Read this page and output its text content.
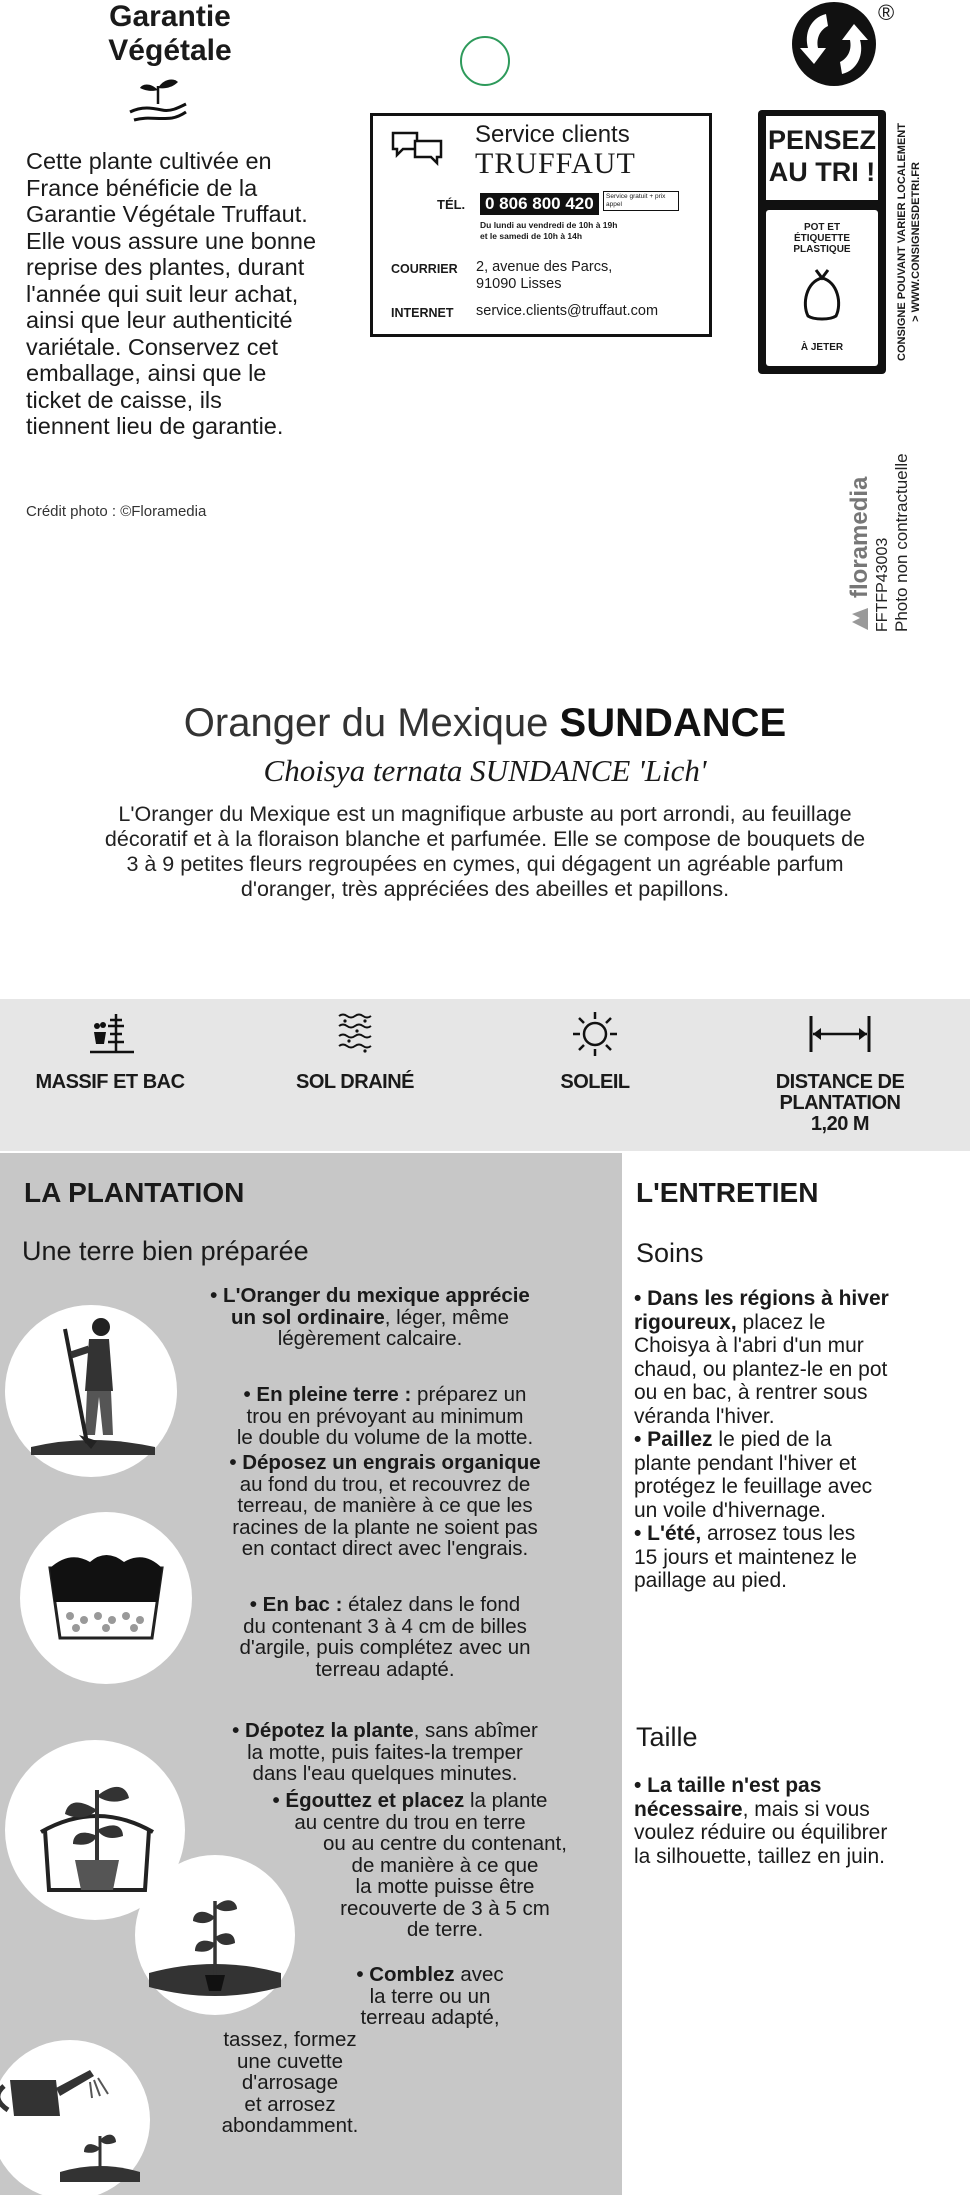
Garantie
Végétale
Cette plante cultivée en
France bénéficie de la
Garantie Végétale Truffaut.
Elle vous assure une bonne
reprise des plantes, durant
l'année qui suit leur achat,
ainsi que leur authenticité
variétale. Conservez cet
emballage, ainsi que le
ticket de caisse, ils
tiennent lieu de garantie.
Crédit photo : ©Floramedia
Service clients
TRUFFAUT
TÉL. 0 806 800 420	Service gratuit + prix appel
Du lundi au vendredi de 10h à 19h
et le samedi de 10h à 14h
COURRIER 2, avenue des Parcs,
91090 Lisses
INTERNET service.clients@truffaut.com
®
PENSEZ
AU TRI !
POT ET
ÉTIQUETTE
PLASTIQUE
À JETER	CONSIGNE POUVANT VARIER LOCALEMENT > WWW.CONSIGNESDETRI.FR
floramedia FFTFP43003 Photo non contractuelle
Oranger du Mexique SUNDANCE
Choisya ternata SUNDANCE 'Lich'
L'Oranger du Mexique est un magnifique arbuste au port arrondi, au feuillage
décoratif et à la floraison blanche et parfumée. Elle se compose de bouquets de
3 à 9 petites fleurs regroupées en cymes, qui dégagent un agréable parfum
d'oranger, très appréciées des abeilles et papillons.
MASSIF ET BAC	SOL DRAINÉ	SOLEIL	DISTANCE DE
PLANTATION
1,20 M
LA PLANTATION
Une terre bien préparée
• L'Oranger du mexique apprécie
un sol ordinaire, léger, même
légèrement calcaire.
• En pleine terre : préparez un
trou en prévoyant au minimum
le double du volume de la motte.
• Déposez un engrais organique
au fond du trou, et recouvrez de
terreau, de manière à ce que les
racines de la plante ne soient pas
en contact direct avec l'engrais.
• En bac : étalez dans le fond
du contenant 3 à 4 cm de billes
d'argile, puis complétez avec un
terreau adapté.
• Dépotez la plante, sans abîmer
la motte, puis faites-la tremper
dans l'eau quelques minutes.
• Égouttez et placez la plante
au centre du trou en terre
ou au centre du contenant,
de manière à ce que
la motte puisse être
recouverte de 3 à 5 cm
de terre.
• Comblez avec
la terre ou un
terreau adapté,
tassez, formez
une cuvette
d'arrosage
et arrosez
abondamment.
L'ENTRETIEN
Soins
• Dans les régions à hiver
rigoureux, placez le
Choisya à l'abri d'un mur
chaud, ou plantez-le en pot
ou en bac, à rentrer sous
véranda l'hiver.
• Paillez le pied de la
plante pendant l'hiver et
protégez le feuillage avec
un voile d'hivernage.
• L'été, arrosez tous les
15 jours et maintenez le
paillage au pied.
Taille
• La taille n'est pas
nécessaire, mais si vous
voulez réduire ou équilibrer
la silhouette, taillez en juin.
